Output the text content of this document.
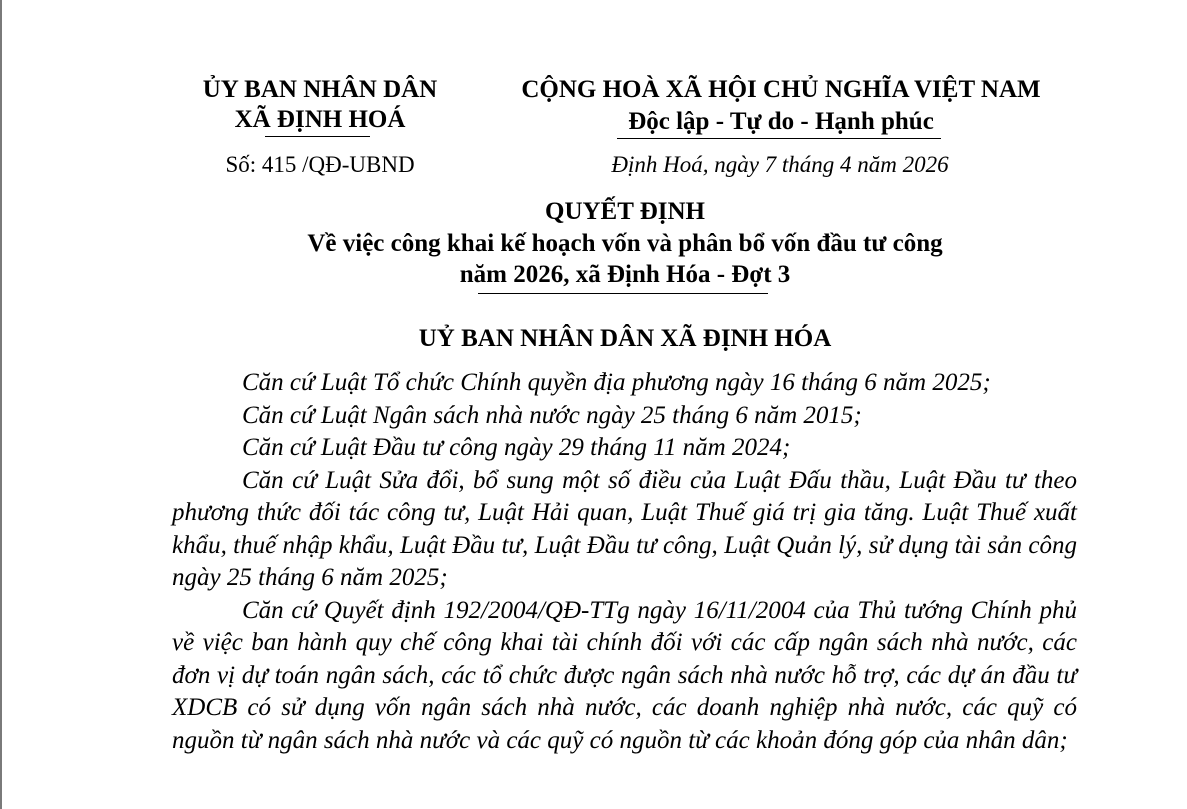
ỦY BAN NHÂN DÂN
XÃ ĐỊNH HOÁ
Số: 415 /QĐ-UBND
CỘNG HOÀ XÃ HỘI CHỦ NGHĨA VIỆT NAM
Độc lập - Tự do - Hạnh phúc
Định Hoá, ngày 7 tháng 4 năm 2026
QUYẾT ĐỊNH
Về việc công khai kế hoạch vốn và phân bổ vốn đầu tư công
năm 2026, xã Định Hóa - Đợt 3
UỶ BAN NHÂN DÂN XÃ ĐỊNH HÓA

Căn cứ Luật Tổ chức Chính quyền địa phương ngày 16 tháng 6 năm 2025;

Căn cứ Luật Ngân sách nhà nước ngày 25 tháng 6 năm 2015;

Căn cứ Luật Đầu tư công ngày 29 tháng 11 năm 2024;

Căn cứ Luật Sửa đổi, bổ sung một số điều của Luật Đấu thầu, Luật Đầu tư theo phương thức đối tác công tư, Luật Hải quan, Luật Thuế giá trị gia tăng. Luật Thuế xuất khẩu, thuế nhập khẩu, Luật Đầu tư, Luật Đầu tư công, Luật Quản lý, sử dụng tài sản công ngày 25 tháng 6 năm 2025;

Căn cứ Quyết định 192/2004/QĐ-TTg ngày 16/11/2004 của Thủ tướng Chính phủ về việc ban hành quy chế công khai tài chính đối với các cấp ngân sách nhà nước, các đơn vị dự toán ngân sách, các tổ chức được ngân sách nhà nước hỗ trợ, các dự án đầu tư XDCB có sử dụng vốn ngân sách nhà nước, các doanh nghiệp nhà nước, các quỹ có nguồn từ ngân sách nhà nước và các quỹ có nguồn từ các khoản đóng góp của nhân dân;
